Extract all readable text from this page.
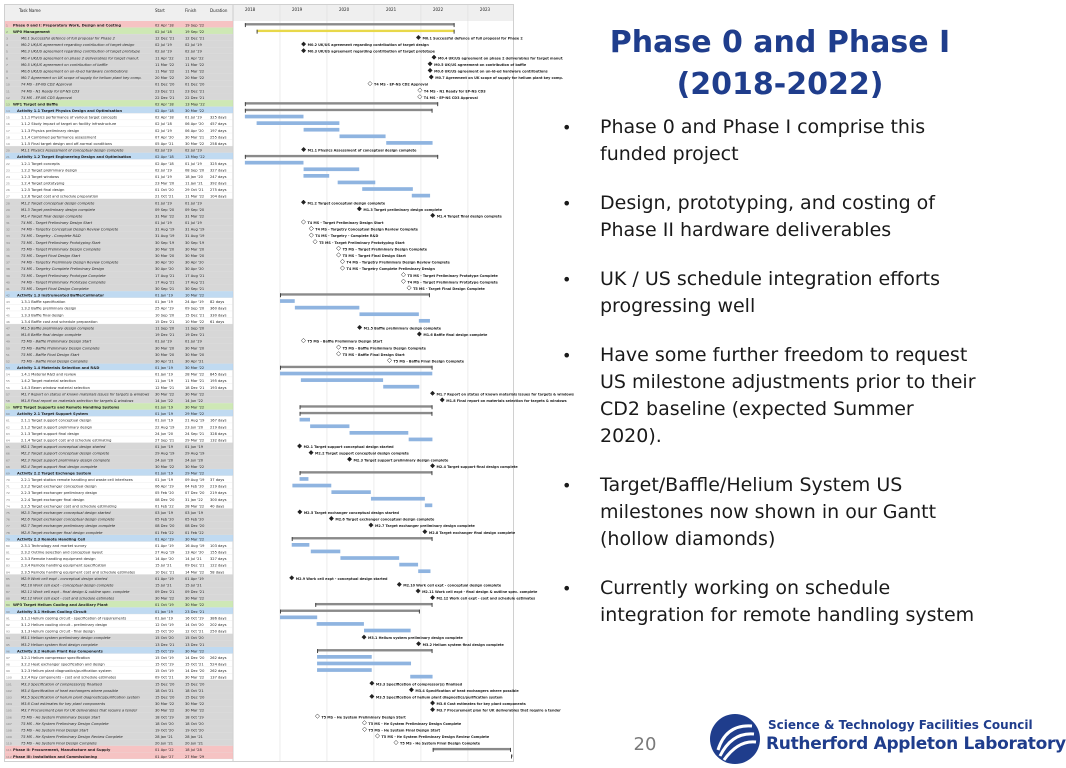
Task Name	Start	Finish	Duration	2018	2019	2020	2021	2022	2023
1 Phase 0 and I: Preparatory Work, Design and Costing	02 Apr '18	19 Sep '22
2 WP0 Management	02 Jul '18	19 Sep '22
3	M0.1 Successful defence of full proposal for Phase 2	12 Dec '21	12 Dec '21	M0.1 Successful defence of full proposal for Phase 2
4	M0.2 UK/US agreement regarding contribution of target design	02 Jul '19	02 Jul '19	M0.2 UK/US agreement regarding contribution of target design
5	M0.3 UK/US agreement regarding contribution of target prototype	02 Jul '19	02 Jul '19	M0.3 UK/US agreement regarding contribution of target prototype
6	M0.4 UK/US agreement on phase 2 deliverables for target manuf.	11 Apr '22	11 Apr '22	M0.4 UK/US agreement on phase 2 deliverables for target manuf.
7	M0.5 UK/US agreement on contribution of baffle	11 Mar '22	11 Mar '22	M0.5 UK/US agreement on contribution of baffle
8	M0.6 UK/US agreement on un-id-ed hardware contributions	11 Mar '22	11 Mar '22	M0.6 UK/US agreement on un-id-ed hardware contributions
9	M0.7 Agreement on UK scope of supply for helium plant key comp.	20 Mar '22	20 Mar '22	M0.7 Agreement on UK scope of supply for helium plant key comp.
10	T4 MS - EP-NS CD2 Approval	01 Dec '20	01 Dec '20	T4 MS - EP-NS CD2 Approval
11	T4 MS - N1 Ready for EP-NS CD3	23 Dec '21	23 Dec '21	T4 MS - N1 Ready for EP-NS CD3
12	T4 MS - EP-NS CD3 Approval	22 Dec '21	22 Dec '21	T4 MS - EP-NS CD3 Approval
13 WP1 Target and Baffle	02 Apr '18	13 May '22
14 Activity 1.1 Target Physics Design and Optimisation	02 Apr '18	30 Mar '22
15	1.1.1 Physics performance of various target concepts	02 Apr '18	01 Jul '19 325 days
16	1.1.2 Study impact of target on facility infrastructure	02 Jul '18	06 Apr '20 457 days
17	1.1.3 Physics preliminary design	02 Jul '19	06 Apr '20 197 days
18	1.1.4 Combined performance assessment	07 Apr '20	30 Mar '21 255 days
19	1.1.5 Final target design and off-normal conditions	05 Apr '21	30 Mar '22 258 days
20	M1.1 Physics Assessment of conceptual design complete	02 Jul '19	02 Jul '19	M1.1 Physics Assessment of conceptual design complete
21 Activity 1.2 Target Engineering Design and Optimisation	02 Apr '18	13 May '22
22	1.2.1 Target concepts	02 Apr '18	01 Jul '19 325 days
23	1.2.2 Target preliminary design	02 Jul '19	08 Sep '20 327 days
24	1.2.3 Target windows	01 Jul '19	18 Jan '20 247 days
25	1.2.4 Target prototyping	23 Mar '20	11 Jan '21 392 days
26	1.2.5 Target final design	01 Oct '20	29 Oct '21 275 days
27	1.2.6 Target cost and schedule preparation	21 Oct '21	11 Mar '22 104 days
28	M1.2 Target conceptual design complete	01 Jul '19	01 Jul '19	M1.2 Target conceptual design complete
29	M1.3 Target preliminary design complete	09 Sep '20	09 Sep '20	M1.3 Target preliminary design complete
30	M1.4 Target final design complete	31 Mar '22	31 Mar '22	M1.4 Target final design complete
31	T4 MS - Target Preliminary Design Start	01 Jul '19	01 Jul '19	T4 MS - Target Preliminary Design Start
32	T4 MS - Targetry Conceptual Design Review Complete	31 Aug '19	31 Aug '19	T4 MS - Targetry Conceptual Design Review Complete
33	T4 MS - Targetry - Complete R&D	31 Aug '19	31 Aug '19	T4 MS - Targetry - Complete R&D
34	T5 MS - Target Preliminary Prototyping Start	30 Sep '19	30 Sep '19	T5 MS - Target Preliminary Prototyping Start
35	T5 MS - Target Preliminary Design Complete	30 Mar '20	30 Mar '20	T5 MS - Target Preliminary Design Complete
36	T5 MS - Target Final Design Start	30 Mar '20	30 Mar '20	T5 MS - Target Final Design Start
37	T4 MS - Targetry Preliminary Design Review Complete	30 Apr '20	30 Apr '20	T4 MS - Targetry Preliminary Design Review Complete
38	T4 MS - Targetry Complete Preliminary Design	30 Apr '20	30 Apr '20	T4 MS - Targetry Complete Preliminary Design
39	T5 MS - Target Preliminary Prototype Complete	17 Aug '21	17 Aug '21	T5 MS - Target Preliminary Prototype Complete
40	T4 MS - Target Preliminary Prototype Complete	17 Aug '21	17 Aug '21	T4 MS - Target Preliminary Prototype Complete
41	T5 MS - Target Final Design Complete	30 Sep '21	30 Sep '21	T5 MS - Target Final Design Complete
42 Activity 1.3 Instrumented Baffle/Collimator	01 Jan '19	10 Mar '22
43	1.3.1 Baffle specification	01 Jan '19	24 Apr '19 82 days
44	1.3.2 Baffle preliminary design	25 Apr '19	09 Sep '20 360 days
45	1.3.3 Baffle final design	10 Sep '20	15 Dec '21 330 days
46	1.3.4 Baffle cost and schedule preparation	15 Dec '21	10 Mar '22 61 days
47	M1.5 Baffle preliminary design complete	11 Sep '20	11 Sep '20	M1.5 Baffle preliminary design complete
48	M1.6 Baffle final design complete	19 Dec '21	19 Dec '21	M1.6 Baffle final design complete
49	T5 MS - Baffle Preliminary Design Start	01 Jul '19	01 Jul '19	T5 MS - Baffle Preliminary Design Start
50	T5 MS - Baffle Preliminary Design Complete	30 Mar '20	30 Mar '20	T5 MS - Baffle Preliminary Design Complete
51	T5 MS - Baffle Final Design Start	30 Mar '20	30 Mar '20	T5 MS - Baffle Final Design Start
52	T5 MS - Baffle Final Design Complete	30 Apr '21	30 Apr '21	T5 MS - Baffle Final Design Complete
53 Activity 1.4 Materials Selection and R&D	01 Jan '19	30 Mar '22
54	1.4.1 Material R&D and review	01 Jan '19	28 Mar '22 845 days
55	1.4.2 Target material selection	11 Jun '19	11 Mar '21 195 days
56	1.4.3 Beam window material selection	12 Mar '21	18 Dec '21 193 days
57	M1.7 Report on status of known materials issues for targets & windows 30 Mar '22	30 Mar '22	M1.7 Report on status of known materials issues for targets & windows
58	M1.8 Final report on materials selection for targets & windows	14 Jun '22	14 Jun '22	M1.8 Final report on materials selection for targets & windows
59 WP2 Target Supports and Remote Handling Systems	01 Jun '19	30 Mar '22
60 Activity 2.1 Target Support System	01 Jun '19	29 Mar '22
61	2.1.1 Target support conceptual design	01 Jun '19	21 Aug '19 167 days
62	2.1.2 Target support preliminary design	22 Aug '19	23 Jun '20 219 days
63	2.1.3 Target support final design	24 Jun '20	24 Sep '21 328 days
64	2.1.4 Target support cost and schedule estimating	27 Sep '21	29 Mar '22 132 days
65	M2.1 Target support conceptual design started	01 Jun '19	01 Jun '19	M2.1 Target support conceptual design started
66	M2.2 Target support conceptual design complete	29 Aug '19	29 Aug '19	M2.2 Target support conceptual design complete
67	M2.3 Target support preliminary design complete	24 Jun '20	24 Jun '20	M2.3 Target support preliminary design complete
68	M2.4 Target support final design complete	30 Mar '22	30 Mar '22	M2.4 Target support final design complete
69 Activity 2.2 Target Exchange System	01 Jun '19	29 Mar '22
70	2.2.1 Target station remote handling and waste cell interfaces	01 Jun '19	09 Aug '19 37 days
71	2.2.2 Target exchanger conceptual design	06 Apr '19	04 Feb '20 219 days
72	2.2.3 Target exchanger preliminary design	05 Feb '20	07 Dec '20 219 days
73	2.2.4 Target exchanger final design	08 Dec '20	31 Jan '22 300 days
74	2.2.5 Target exchanger cost and schedule estimating	01 Feb '22	28 Mar '22 40 days
75	M2.5 Target exchanger conceptual design started	03 Jun '19	03 Jun '19	M2.5 Target exchanger conceptual design started
76	M2.6 Target exchanger conceptual design complete	05 Feb '20	05 Feb '20	M2.6 Target exchanger conceptual design complete
77	M2.7 Target exchanger preliminary design complete	08 Dec '20	08 Dec '20	M2.7 Target exchanger preliminary design complete
78	M2.8 Target exchanger final design complete	01 Feb '22	01 Feb '22	M2.8 Target exchanger final design complete
79 Activity 2.3 Remote Handling Cell	01 Apr '19	30 Mar '22
80	2.3.1 Technology and market survey	01 Apr '19	16 Aug '19 103 days
81	2.3.2 Outline selection and conceptual layout	27 Aug '19	13 Apr '20 155 days
82	2.3.3 Remote handling equipment design	14 Apr '20	14 Jul '21 327 days
83	2.3.4 Remote handling equipment specification	15 Jul '21	09 Dec '21 122 days
84	2.3.5 Remote handling equipment cost and schedule estimates	10 Dec '21	14 Mar '22 58 days
85	M2.9 Work cell expt - conceptual design started	01 Apr '19	01 Apr '19	M2.9 Work cell expt - conceptual design started
86	M2.10 Work cell expt - conceptual design complete	15 Jul '21	15 Jul '21	M2.10 Work cell expt - conceptual design complete
87	M2.11 Work cell expt - final design & outline spec. complete	09 Dec '21	09 Dec '21	M2.11 Work cell expt - final design & outline spec. complete
88	M2.12 Work cell expt - cost and schedule estimates	30 Mar '22	30 Mar '22	M2.12 Work cell expt - cost and schedule estimates
89 WP3 Target Helium Cooling and Ancillary Plant	01 Oct '19	30 Mar '22
90 Activity 3.1 Helium Cooling Circuit	01 Jan '19	23 Dec '21
91	3.1.1 Helium cooling circuit - specification of requirements	01 Jan '19	16 Oct '19 386 days
92	3.1.2 Helium cooling circuit - preliminary design	12 Oct '19	14 Oct '20 202 days
93	3.1.3 Helium cooling circuit - final design	15 Oct '20	12 Oct '21 250 days
94	M3.1 Helium system preliminary design complete	15 Oct '20	15 Oct '20	M3.1 Helium system preliminary design complete
95	M3.2 Helium system final design complete	13 Dec '21	13 Dec '21	M3.2 Helium system final design complete
96 Activity 3.2 Helium Plant Key Components	15 Oct '19	30 Mar '22
97	3.2.1 Helium compressor specification	15 Oct '19	14 Dec '20 262 days
98	3.2.2 Heat exchanger specification and design	15 Oct '19	15 Oct '21 524 days
99	3.2.3 Helium plant diagnostics/purification system	15 Oct '19	14 Dec '20 262 days
100	3.2.4 Key components - cost and schedule estimates	09 Oct '21	30 Mar '22 137 days
101	M3.3 Specification of compressor(s) finalised	15 Dec '20	15 Dec '20	M3.3 Specification of compressor(s) finalised
102	M3.4 Specification of heat exchangers where possible	18 Oct '21	18 Oct '21	M3.4 Specification of heat exchangers where possible
103	M3.5 Specification of helium plant diagnostics/purification system	15 Dec '20	15 Dec '20	M3.5 Specification of helium plant diagnostics/purification system
104	M3.6 Cost estimates for key plant components	30 Mar '22	30 Mar '22	M3.6 Cost estimates for key plant components
105	M3.7 Procurement plan for UK deliverables that require a tender	30 Mar '22	30 Mar '22	M3.7 Procurement plan for UK deliverables that require a tender
106	T5 MS - He System Preliminary Design Start	18 Oct '19	18 Oct '19	T5 MS - He System Preliminary Design Start
107	T5 MS - He System Preliminary Design Complete	18 Oct '20	18 Oct '20	T5 MS - He System Preliminary Design Complete
108	T5 MS - He System Final Design Start	19 Oct '20	19 Oct '20	T5 MS - He System Final Design Start
109	T5 MS - He System Preliminary Design Review Complete	28 Jan '21	28 Jan '21	T5 MS - He System Preliminary Design Review Complete
110	T5 MS - He System Final Design Complete	20 Jun '21	20 Jun '21	T5 MS - He System Final Design Complete
111 Phase II: Procurement, Manufacture and Supply	01 Apr '22	18 Jul '28
112 Phase III: Installation and Commissioning	01 Apr '27	27 Mar '29
Phase 0 and Phase I
(2018-2022)
• Phase 0 and Phase I comprise this funded project
• Design, prototyping, and costing of Phase II hardware deliverables
• UK / US schedule integration efforts progressing well
• Have some further freedom to request US milestone adjustments prior to their CD2 baseline (expected Summer 2020).
• Target/Baffle/Helium System US milestones now shown in our Gantt (hollow diamonds)
• Currently working on schedule integration for remote handling system
20
Science & Technology Facilities Council
Rutherford Appleton Laboratory
